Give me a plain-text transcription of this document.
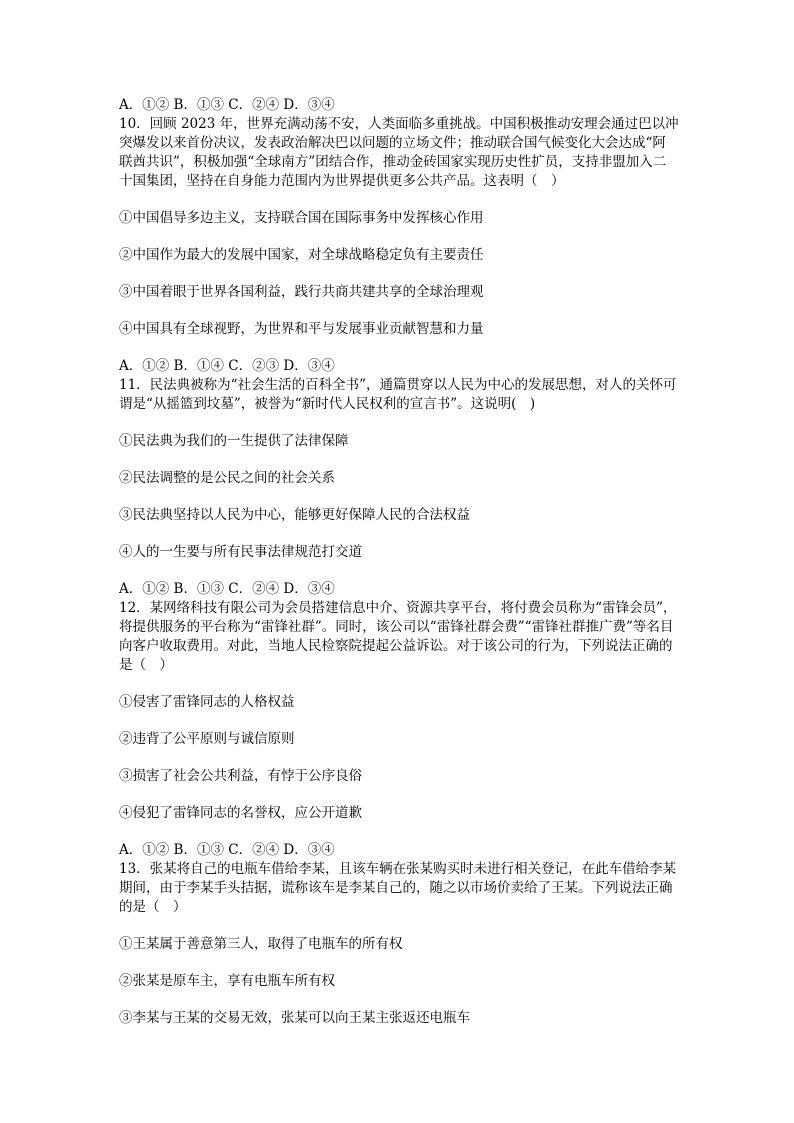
A．①② B．①③ C．②④ D．③④

10．回顾 2023 年，世界充满动荡不安，人类面临多重挑战。中国积极推动安理会通过巴以冲突爆发以来首份决议，发表政治解决巴以问题的立场文件；推动联合国气候变化大会达成“阿联酋共识”，积极加强“全球南方”团结合作，推动金砖国家实现历史性扩员，支持非盟加入二十国集团，坚持在自身能力范围内为世界提供更多公共产品。这表明（　）

①中国倡导多边主义，支持联合国在国际事务中发挥核心作用

②中国作为最大的发展中国家，对全球战略稳定负有主要责任

③中国着眼于世界各国利益，践行共商共建共享的全球治理观

④中国具有全球视野，为世界和平与发展事业贡献智慧和力量

A．①② B．①④ C．②③ D．③④

11．民法典被称为“社会生活的百科全书”，通篇贯穿以人民为中心的发展思想，对人的关怀可谓是“从摇篮到坟墓”，被誉为“新时代人民权利的宣言书”。这说明(　)

①民法典为我们的一生提供了法律保障

②民法调整的是公民之间的社会关系

③民法典坚持以人民为中心，能够更好保障人民的合法权益

④人的一生要与所有民事法律规范打交道

A．①② B．①③ C．②④ D．③④

12．某网络科技有限公司为会员搭建信息中介、资源共享平台，将付费会员称为“雷锋会员”，将提供服务的平台称为“雷锋社群”。同时，该公司以“雷锋社群会费”“雷锋社群推广费”等名目向客户收取费用。对此，当地人民检察院提起公益诉讼。对于该公司的行为，下列说法正确的是（　）

①侵害了雷锋同志的人格权益

②违背了公平原则与诚信原则

③损害了社会公共利益，有悖于公序良俗

④侵犯了雷锋同志的名誉权，应公开道歉

A．①② B．①③ C．②④ D．③④

13．张某将自己的电瓶车借给李某，且该车辆在张某购买时未进行相关登记，在此车借给李某期间，由于李某手头拮据，谎称该车是李某自己的，随之以市场价卖给了王某。下列说法正确的是（　）

①王某属于善意第三人，取得了电瓶车的所有权

②张某是原车主，享有电瓶车所有权

③李某与王某的交易无效，张某可以向王某主张返还电瓶车
